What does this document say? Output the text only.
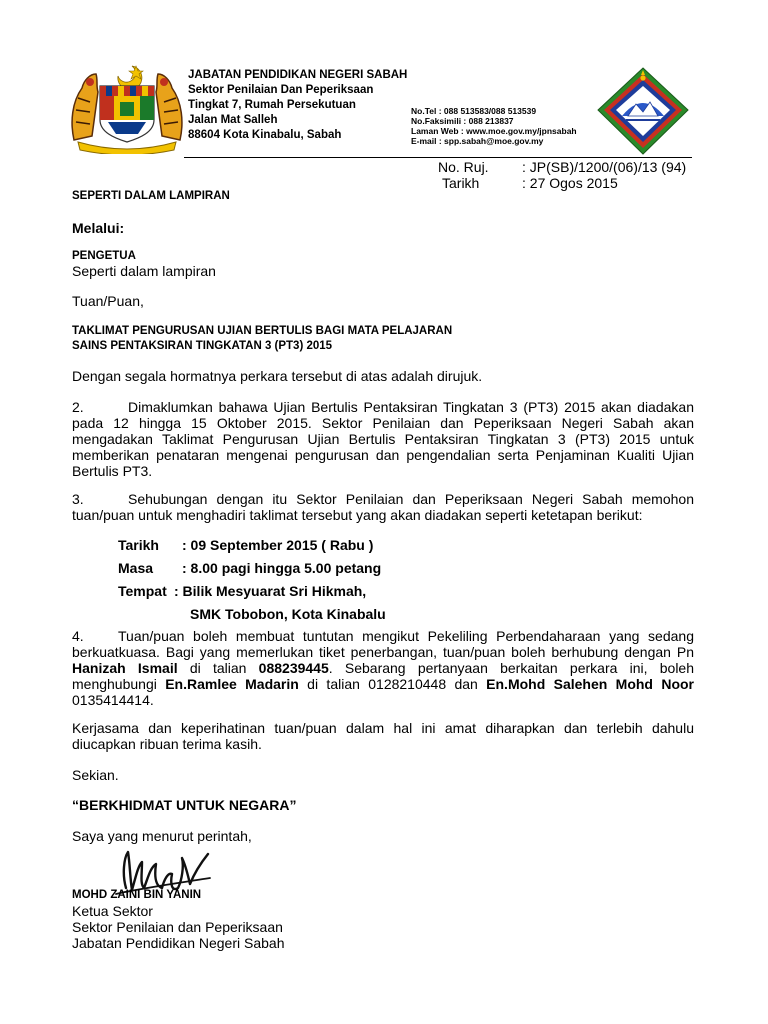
JABATAN PENDIDIKAN NEGERI SABAH
Sektor Penilaian Dan Peperiksaan
Tingkat 7, Rumah Persekutuan
Jalan Mat Salleh
88604 Kota Kinabalu, Sabah
No.Tel : 088 513583/088 513539
No.Faksimili : 088 213837
Laman Web : www.moe.gov.my/jpnsabah
E-mail : spp.sabah@moe.gov.my
No. Ruj.	: JP(SB)/1200/(06)/13 (94)
Tarikh	: 27 Ogos 2015
SEPERTI DALAM LAMPIRAN
Melalui:
PENGETUA
Seperti dalam lampiran
Tuan/Puan,
TAKLIMAT PENGURUSAN UJIAN BERTULIS BAGI MATA PELAJARAN
SAINS PENTAKSIRAN TINGKATAN 3 (PT3) 2015
Dengan segala hormatnya perkara tersebut di atas adalah dirujuk.
2.	Dimaklumkan bahawa Ujian Bertulis Pentaksiran Tingkatan 3 (PT3) 2015 akan diadakan pada 12 hingga 15 Oktober 2015. Sektor Penilaian dan Peperiksaan Negeri Sabah akan mengadakan Taklimat Pengurusan Ujian Bertulis Pentaksiran Tingkatan 3 (PT3) 2015 untuk memberikan penataran mengenai pengurusan dan pengendalian serta Penjaminan Kualiti Ujian Bertulis PT3.
3.	Sehubungan dengan itu Sektor Penilaian dan Peperiksaan Negeri Sabah memohon tuan/puan untuk menghadiri taklimat tersebut yang akan diadakan seperti ketetapan berikut:
Tarikh	: 09 September 2015 ( Rabu )
Masa	: 8.00 pagi hingga 5.00 petang
Tempat : Bilik Mesyuarat Sri Hikmah,
SMK Tobobon, Kota Kinabalu
4. Tuan/puan boleh membuat tuntutan mengikut Pekeliling Perbendaharaan yang sedang berkuatkuasa. Bagi yang memerlukan tiket penerbangan, tuan/puan boleh berhubung dengan Pn Hanizah Ismail di talian 088239445. Sebarang pertanyaan berkaitan perkara ini, boleh menghubungi En.Ramlee Madarin di talian 0128210448 dan En.Mohd Salehen Mohd Noor 0135414414.
Kerjasama dan keperihatinan tuan/puan dalam hal ini amat diharapkan dan terlebih dahulu diucapkan ribuan terima kasih.
Sekian.
“BERKHIDMAT UNTUK NEGARA”
Saya yang menurut perintah,
MOHD ZAINI BIN YANIN
Ketua Sektor
Sektor Penilaian dan Peperiksaan
Jabatan Pendidikan Negeri Sabah
